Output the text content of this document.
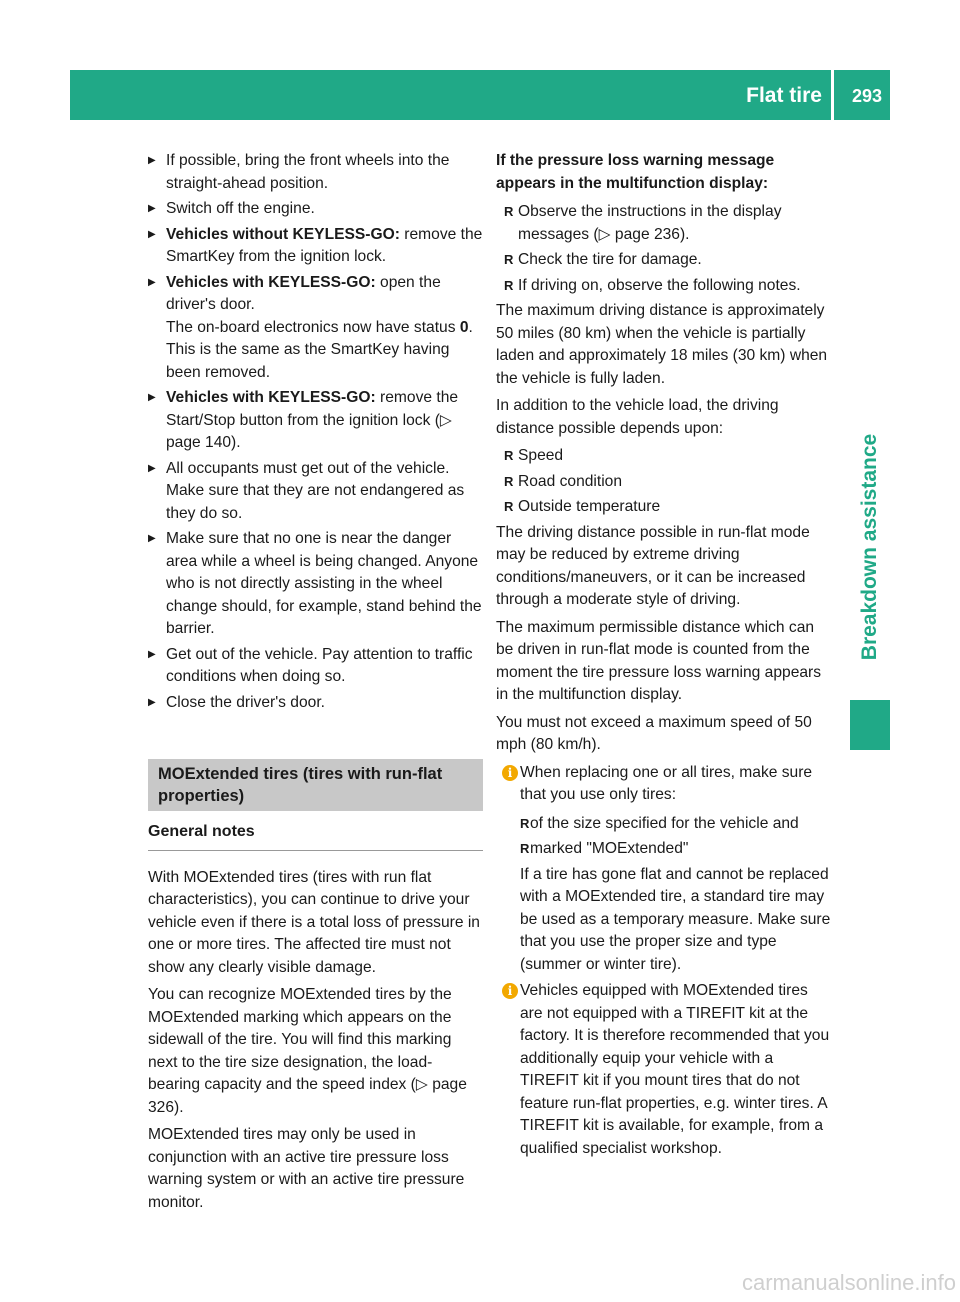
Flat tire 293
Breakdown assistance
▶ If possible, bring the front wheels into the straight-ahead position.
▶ Switch off the engine.
▶ Vehicles without KEYLESS-GO: remove the SmartKey from the ignition lock.
▶ Vehicles with KEYLESS-GO: open the driver's door.
The on-board electronics now have status 0. This is the same as the SmartKey having been removed.
▶ Vehicles with KEYLESS-GO: remove the Start/Stop button from the ignition lock (▷ page 140).
▶ All occupants must get out of the vehicle. Make sure that they are not endangered as they do so.
▶ Make sure that no one is near the danger area while a wheel is being changed. Anyone who is not directly assisting in the wheel change should, for example, stand behind the barrier.
▶ Get out of the vehicle. Pay attention to traffic conditions when doing so.
▶ Close the driver's door.
MOExtended tires (tires with run-flat properties)
General notes

With MOExtended tires (tires with run flat characteristics), you can continue to drive your vehicle even if there is a total loss of pressure in one or more tires. The affected tire must not show any clearly visible damage.

You can recognize MOExtended tires by the MOExtended marking which appears on the sidewall of the tire. You will find this marking next to the tire size designation, the load-bearing capacity and the speed index (▷ page 326).

MOExtended tires may only be used in conjunction with an active tire pressure loss warning system or with an active tire pressure monitor.

If the pressure loss warning message appears in the multifunction display:
R Observe the instructions in the display messages (▷ page 236).
R Check the tire for damage.
R If driving on, observe the following notes.

The maximum driving distance is approximately 50 miles (80 km) when the vehicle is partially laden and approximately 18 miles (30 km) when the vehicle is fully laden.

In addition to the vehicle load, the driving distance possible depends upon:

R Speed
R Road condition
R Outside temperature

The driving distance possible in run-flat mode may be reduced by extreme driving conditions/maneuvers, or it can be increased through a moderate style of driving.

The maximum permissible distance which can be driven in run-flat mode is counted from the moment the tire pressure loss warning appears in the multifunction display.

You must not exceed a maximum speed of 50 mph (80 km/h).

i When replacing one or all tires, make sure that you use only tires:
R of the size specified for the vehicle and
R marked "MOExtended"

If a tire has gone flat and cannot be replaced with a MOExtended tire, a standard tire may be used as a temporary measure. Make sure that you use the proper size and type (summer or winter tire).

i Vehicles equipped with MOExtended tires are not equipped with a TIREFIT kit at the factory. It is therefore recommended that you additionally equip your vehicle with a TIREFIT kit if you mount tires that do not feature run-flat properties, e.g. winter tires. A TIREFIT kit is available, for example, from a qualified specialist workshop.
carmanualsonline.info
